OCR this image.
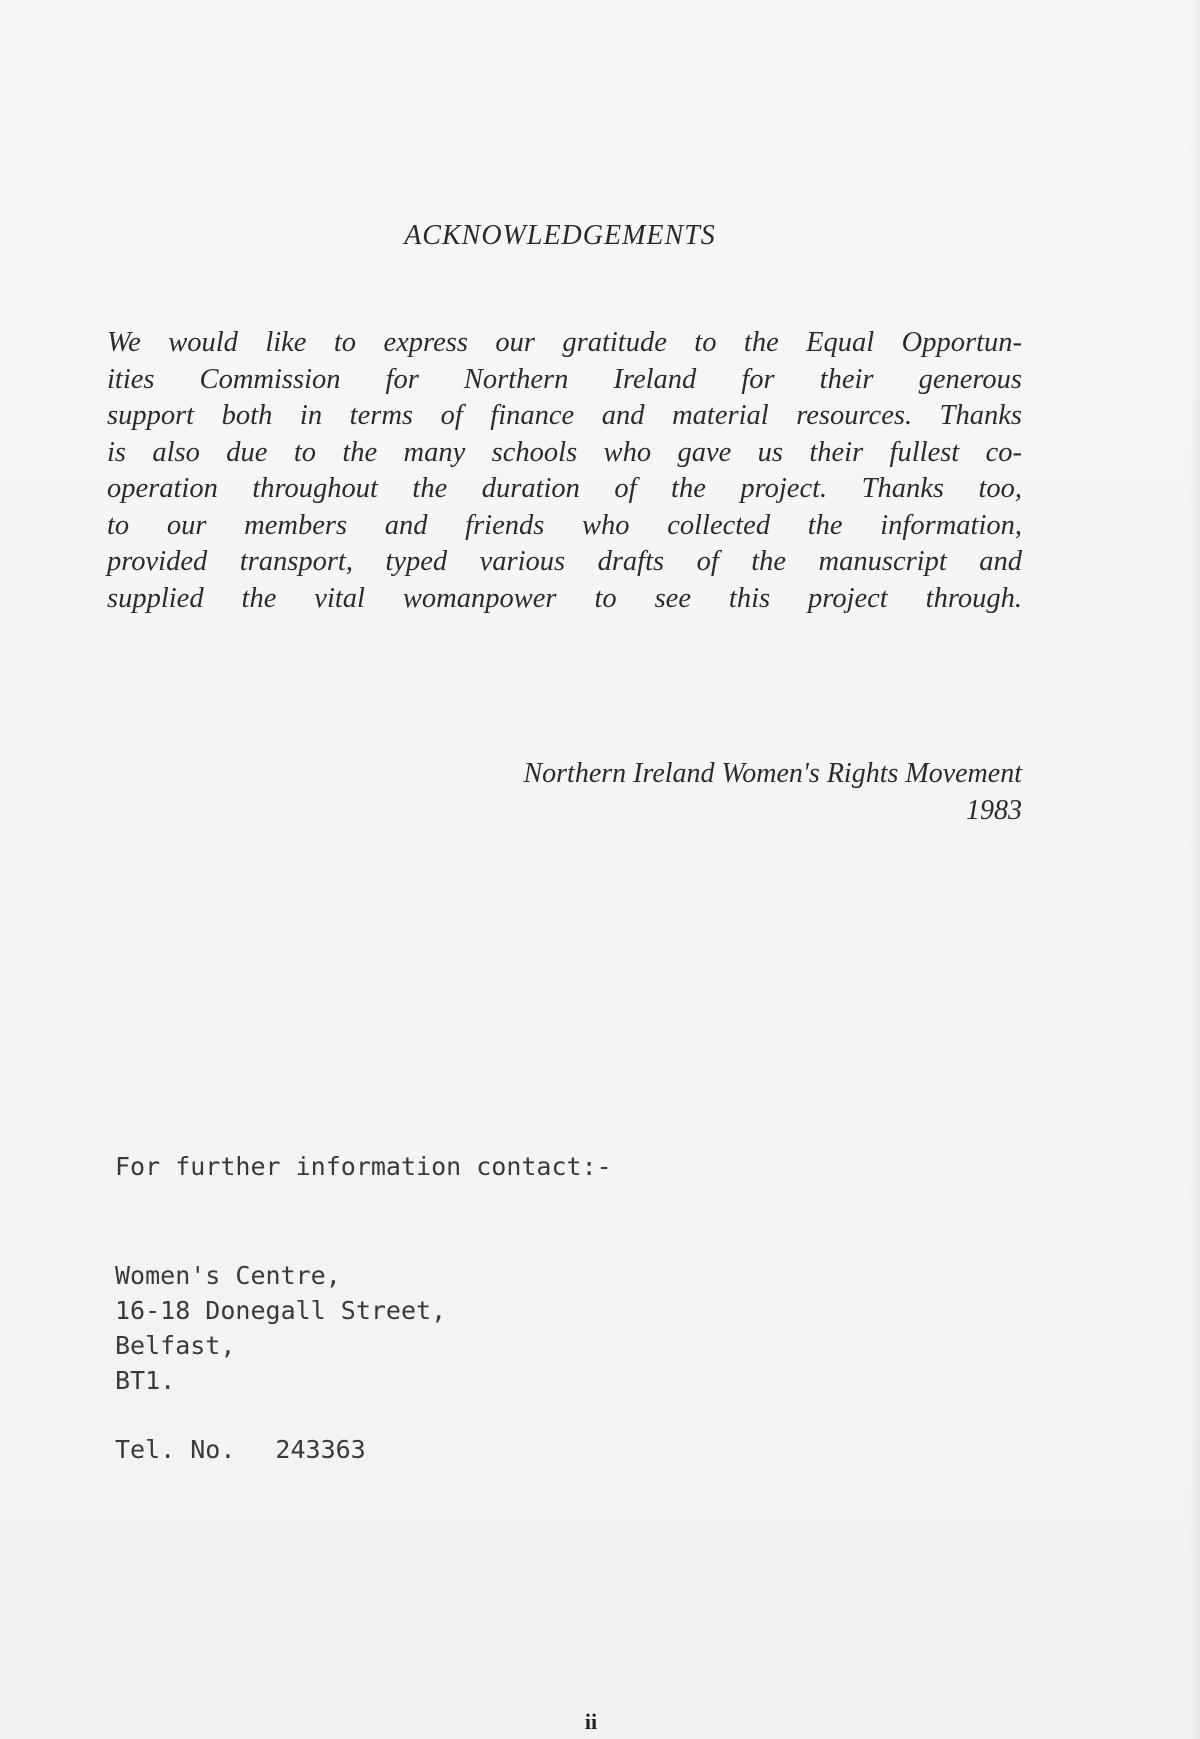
ACKNOWLEDGEMENTS
We would like to express our gratitude to the Equal Opportun-
ities Commission for Northern Ireland for their generous
support both in terms of finance and material resources. Thanks
is also due to the many schools who gave us their fullest co-
operation throughout the duration of the project. Thanks too,
to our members and friends who collected the information,
provided transport, typed various drafts of the manuscript and
supplied the vital womanpower to see this project through.
Northern Ireland Women's Rights Movement
1983
For further information contact:-
Women's Centre,
16-18 Donegall Street,
Belfast,
BT1.
Tel. No. 243363
ii
